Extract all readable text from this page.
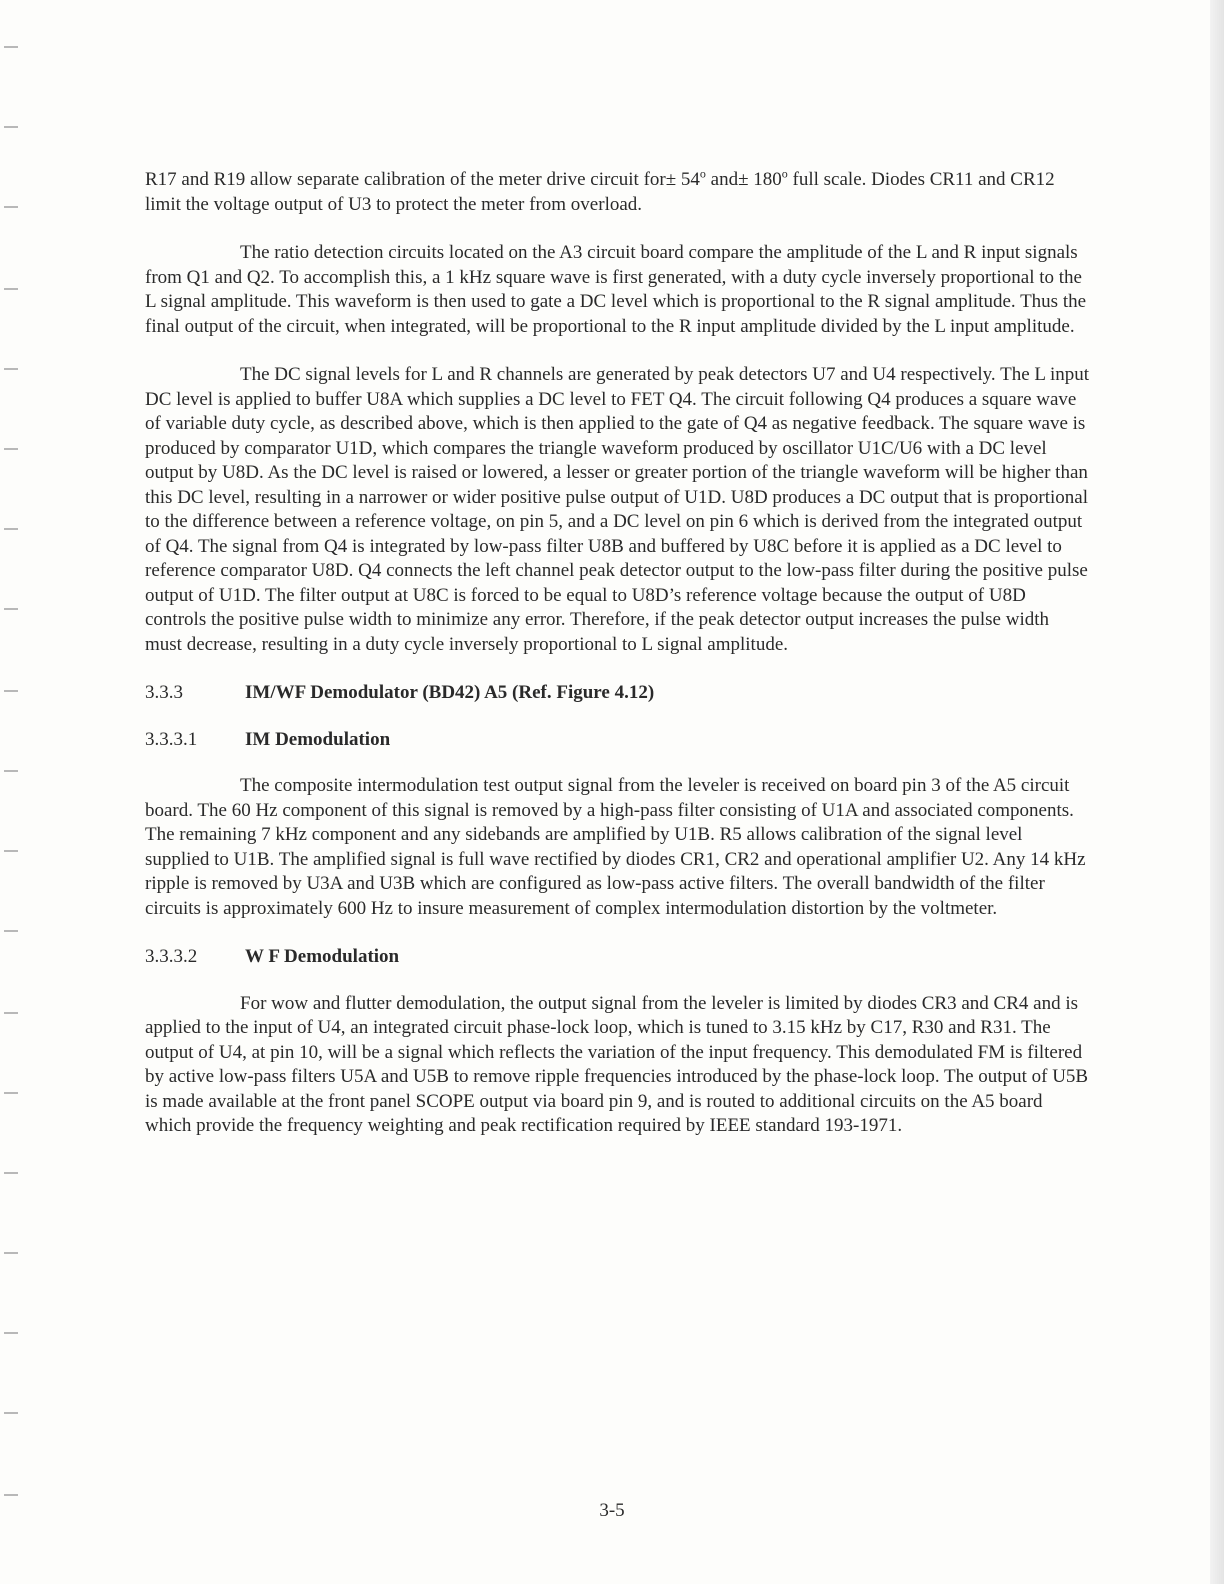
R17 and R19 allow separate calibration of the meter drive circuit $for\pm 54^o$ $and\pm 180^o$ full scale. Diodes CR11 and CR12 limit the voltage output of U3 to protect the meter from overload.

The ratio detection circuits located on the A3 circuit board compare the amplitude of the L and R input signals from Q1 and Q2. To accomplish this, a 1 kHz square wave is first generated, with a duty cycle inversely proportional to the L signal amplitude. This waveform is then used to gate a DC level which is proportional to the R signal amplitude. Thus the final output of the circuit, when integrated, will be proportional to the R input amplitude divided by the L input amplitude.

The DC signal levels for L and R channels are generated by peak detectors U7 and U4 respectively. The L input DC level is applied to buffer U8A which supplies a DC level to FET Q4. The circuit following Q4 produces a square wave of variable duty cycle, as described above, which is then applied to the gate of Q4 as negative feedback. The square wave is produced by comparator U1D, which compares the triangle waveform produced by oscillator U1C/U6 with a DC level output by U8D. As the DC level is raised or lowered, a lesser or greater portion of the triangle waveform will be higher than this DC level, resulting in a narrower or wider positive pulse output of U1D. U8D produces a DC output that is proportional to the difference between a reference voltage, on pin 5, and a DC level on pin 6 which is derived from the integrated output of Q4. The signal from Q4 is integrated by low-pass filter U8B and buffered by U8C before it is applied as a DC level to reference comparator U8D. Q4 connects the left channel peak detector output to the low-pass filter during the positive pulse output of U1D. The filter output at U8C is forced to be equal to U8D’s reference voltage because the output of U8D controls the positive pulse width to minimize any error. Therefore, if the peak detector output increases the pulse width must decrease, resulting in a duty cycle inversely proportional to L signal amplitude.

3.3.3	IM/WF Demodulator (BD42) A5 (Ref. Figure 4.12)
3.3.3.1	IM Demodulation

The composite intermodulation test output signal from the leveler is received on board pin 3 of the A5 circuit board. The 60 Hz component of this signal is removed by a high-pass filter consisting of U1A and associated components. The remaining 7 kHz component and any sidebands are amplified by U1B. R5 allows calibration of the signal level supplied to U1B. The amplified signal is full wave rectified by diodes CR1, CR2 and operational amplifier U2. Any 14 kHz ripple is removed by U3A and U3B which are configured as low-pass active filters. The overall bandwidth of the filter circuits is approximately 600 Hz to insure measurement of complex intermodulation distortion by the voltmeter.

3.3.3.2	W F Demodulation

For wow and flutter demodulation, the output signal from the leveler is limited by diodes CR3 and CR4 and is applied to the input of U4, an integrated circuit phase-lock loop, which is tuned to 3.15 kHz by C17, R30 and R31. The output of U4, at pin 10, will be a signal which reflects the variation of the input frequency. This demodulated FM is filtered by active low-pass filters U5A and U5B to remove ripple frequencies introduced by the phase-lock loop. The output of U5B is made available at the front panel SCOPE output via board pin 9, and is routed to additional circuits on the A5 board which provide the frequency weighting and peak rectification required by IEEE standard 193-1971.

3-5
